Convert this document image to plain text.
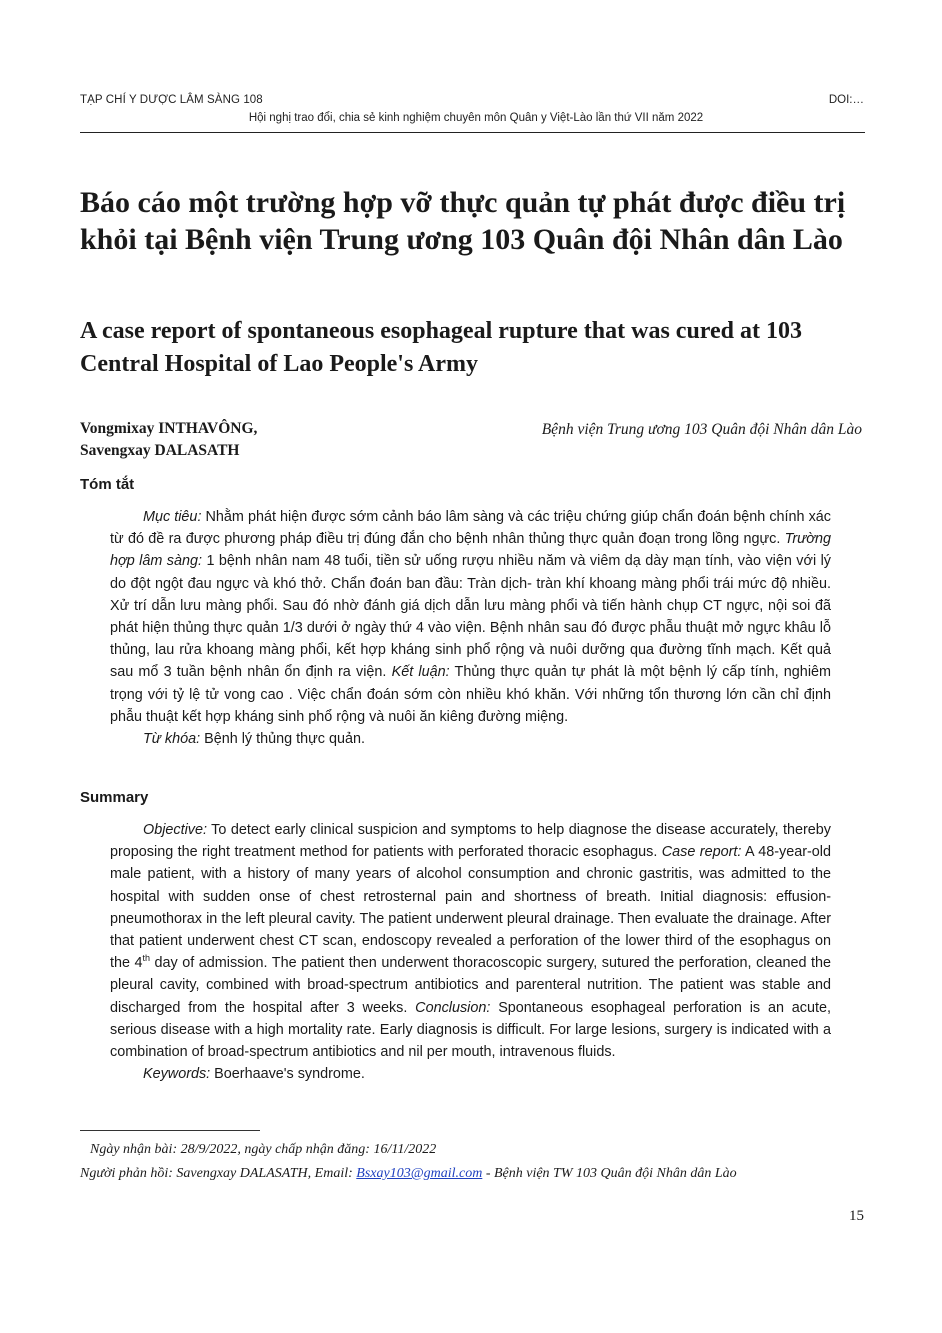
TẠP CHÍ Y DƯỢC LÂM SÀNG 108	DOI:…
Hội nghị trao đổi, chia sẻ kinh nghiệm chuyên môn Quân y Việt-Lào lần thứ VII năm 2022
Báo cáo một trường hợp vỡ thực quản tự phát được điều trị khỏi tại Bệnh viện Trung ương 103 Quân đội Nhân dân Lào
A case report of spontaneous esophageal rupture that was cured at 103 Central Hospital of Lao People's Army
Vongmixay INTHAVÔNG,
Savengxay DALASATH
Bệnh viện Trung ương 103 Quân đội Nhân dân Lào
Tóm tắt

Mục tiêu: Nhằm phát hiện được sớm cảnh báo lâm sàng và các triệu chứng giúp chẩn đoán bệnh chính xác từ đó đề ra được phương pháp điều trị đúng đắn cho bệnh nhân thủng thực quản đoạn trong lồng ngực. Trường hợp lâm sàng: 1 bệnh nhân nam 48 tuổi, tiền sử uống rượu nhiều năm và viêm dạ dày mạn tính, vào viện với lý do đột ngột đau ngực và khó thở. Chẩn đoán ban đầu: Tràn dịch- tràn khí khoang màng phổi trái mức độ nhiều. Xử trí dẫn lưu màng phổi. Sau đó nhờ đánh giá dịch dẫn lưu màng phổi và tiến hành chụp CT ngực, nội soi đã phát hiện thủng thực quản 1/3 dưới ở ngày thứ 4 vào viện. Bệnh nhân sau đó được phẫu thuật mở ngực khâu lỗ thủng, lau rửa khoang màng phổi, kết hợp kháng sinh phổ rộng và nuôi dưỡng qua đường tĩnh mạch. Kết quả sau mổ 3 tuần bệnh nhân ổn định ra viện. Kết luận: Thủng thực quản tự phát là một bệnh lý cấp tính, nghiêm trọng với tỷ lệ tử vong cao . Việc chẩn đoán sớm còn nhiều khó khăn. Với những tổn thương lớn cần chỉ định phẫu thuật kết hợp kháng sinh phổ rộng và nuôi ăn kiêng đường miệng.

Từ khóa: Bệnh lý thủng thực quản.

Summary

Objective: To detect early clinical suspicion and symptoms to help diagnose the disease accurately, thereby proposing the right treatment method for patients with perforated thoracic esophagus. Case report: A 48-year-old male patient, with a history of many years of alcohol consumption and chronic gastritis, was admitted to the hospital with sudden onse of chest retrosternal pain and shortness of breath. Initial diagnosis: effusion-pneumothorax in the left pleural cavity. The patient underwent pleural drainage. Then evaluate the drainage. After that patient underwent chest CT scan, endoscopy revealed a perforation of the lower third of the esophagus on the 4th day of admission. The patient then underwent thoracoscopic surgery, sutured the perforation, cleaned the pleural cavity, combined with broad-spectrum antibiotics and parenteral nutrition. The patient was stable and discharged from the hospital after 3 weeks. Conclusion: Spontaneous esophageal perforation is an acute, serious disease with a high mortality rate. Early diagnosis is difficult. For large lesions, surgery is indicated with a combination of broad-spectrum antibiotics and nil per mouth, intravenous fluids.

Keywords: Boerhaave's syndrome.

Ngày nhận bài: 28/9/2022, ngày chấp nhận đăng: 16/11/2022
Người phản hồi: Savengxay DALASATH, Email: Bsxay103@gmail.com - Bệnh viện TW 103 Quân đội Nhân dân Lào
15
